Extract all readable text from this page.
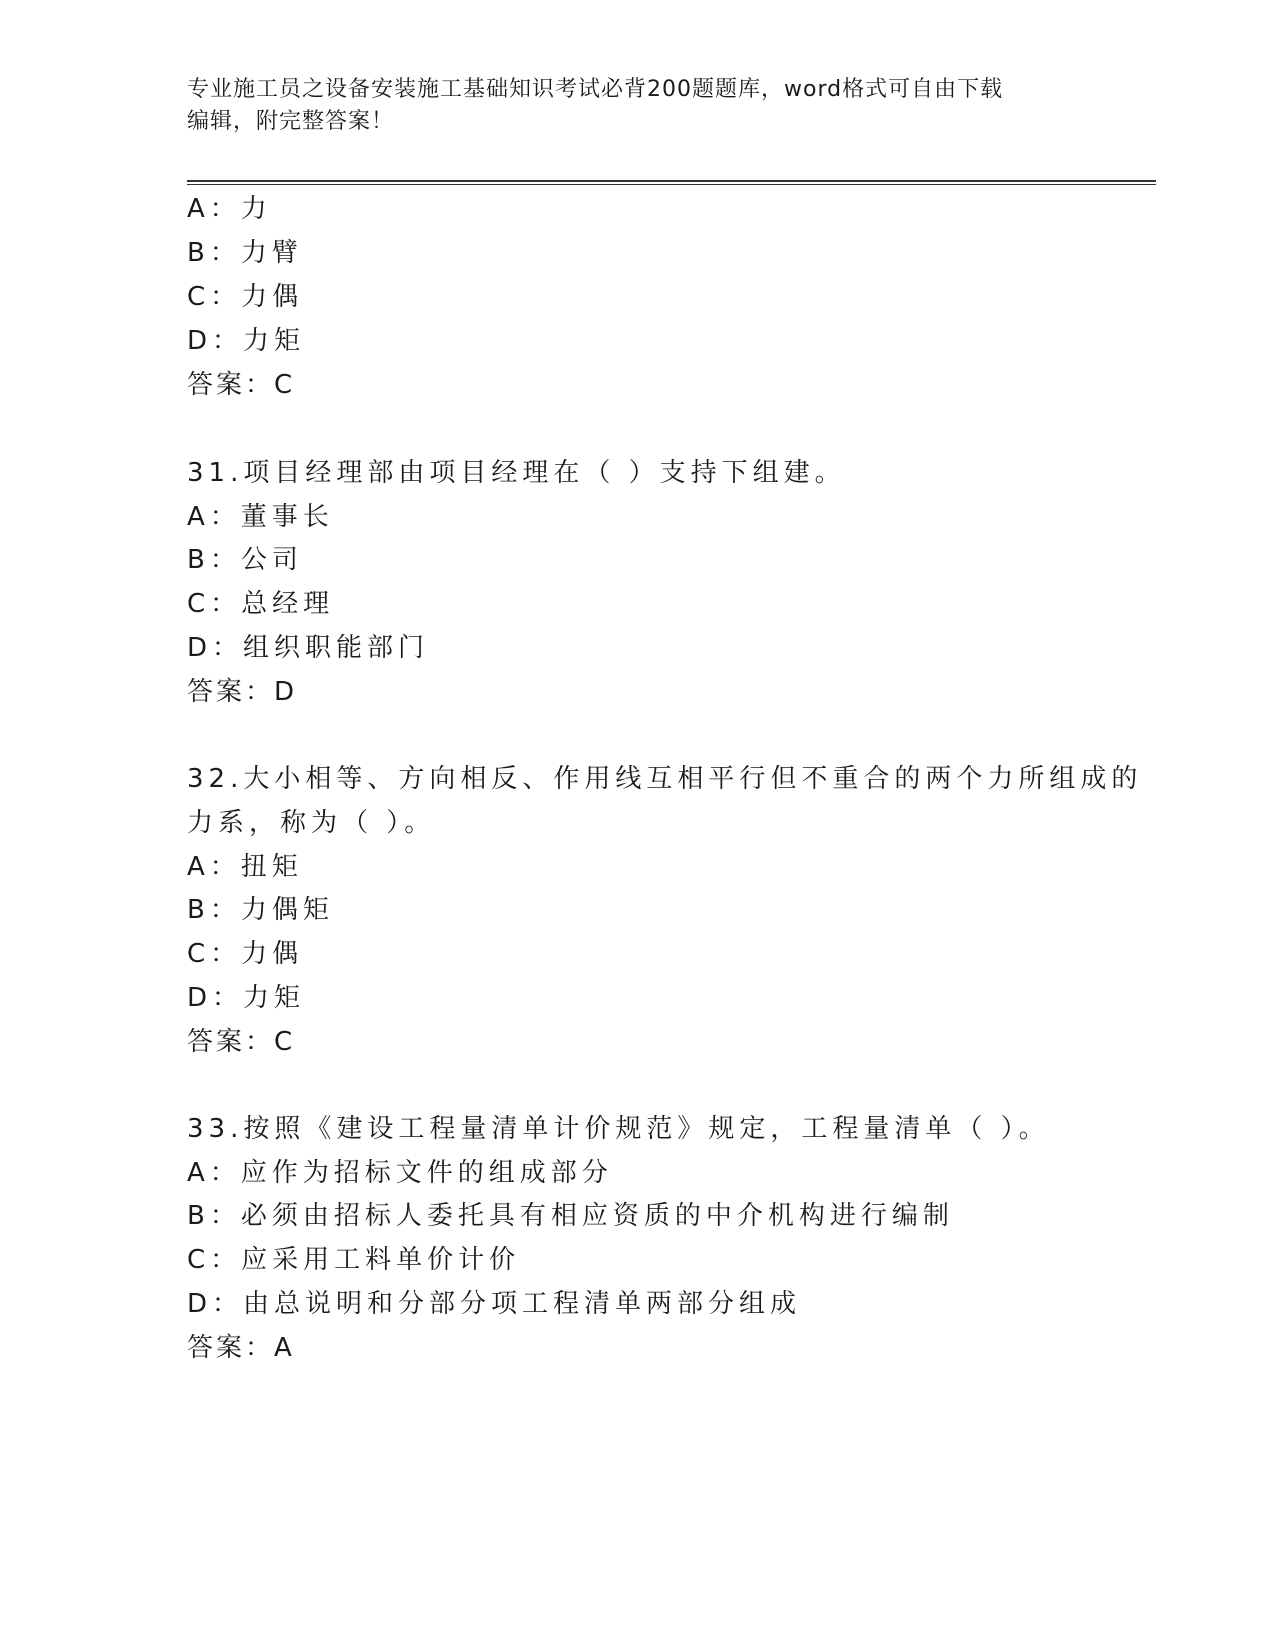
专业施工员之设备安装施工基础知识考试必背200题题库，word格式可自由下载
编辑，附完整答案！
A：力
B：力臂
C：力偶
D：力矩
答案：C
31.项目经理部由项目经理在（ ）支持下组建。
A：董事长
B：公司
C：总经理
D：组织职能部门
答案：D
32.大小相等、方向相反、作用线互相平行但不重合的两个力所组成的
力系，称为（ ）。
A：扭矩
B：力偶矩
C：力偶
D：力矩
答案：C
33.按照《建设工程量清单计价规范》规定，工程量清单（ ）。
A：应作为招标文件的组成部分
B：必须由招标人委托具有相应资质的中介机构进行编制
C：应采用工料单价计价
D：由总说明和分部分项工程清单两部分组成
答案：A
